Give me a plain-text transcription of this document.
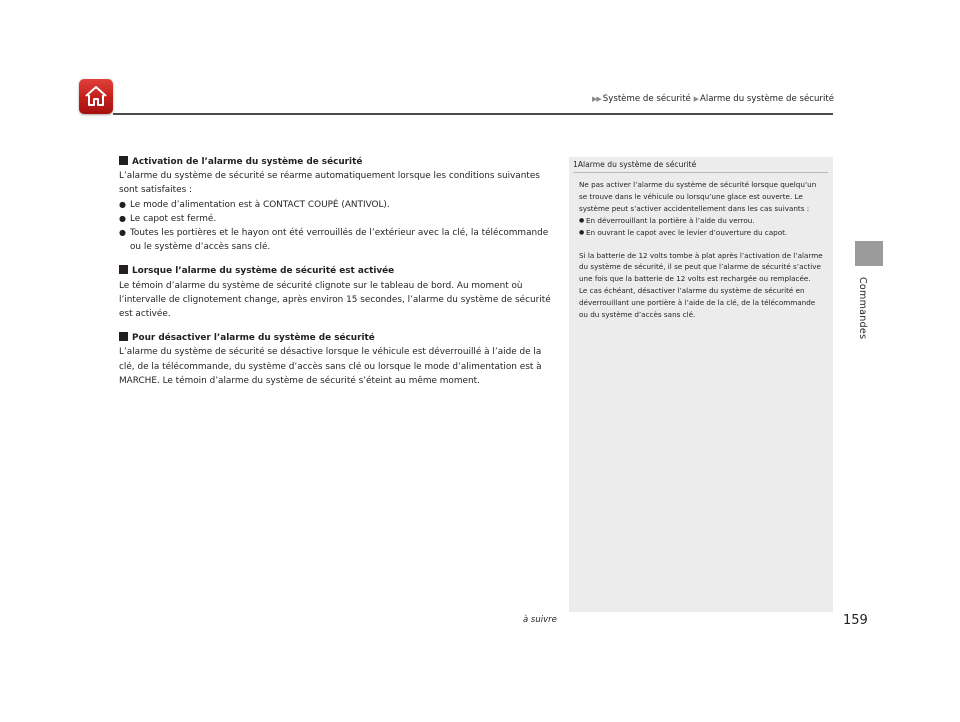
▶▶ Système de sécurité ▶ Alarme du système de sécurité
Commandes
Activation de l’alarme du système de sécurité

L’alarme du système de sécurité se réarme automatiquement lorsque les conditions suivantes sont satisfaites :

● Le mode d’alimentation est à CONTACT COUPÉ (ANTIVOL).
● Le capot est fermé.
● Toutes les portières et le hayon ont été verrouillés de l’extérieur avec la clé, la télécommande ou le système d’accès sans clé.
Lorsque l’alarme du système de sécurité est activée

Le témoin d’alarme du système de sécurité clignote sur le tableau de bord. Au moment où l’intervalle de clignotement change, après environ 15 secondes, l’alarme du système de sécurité est activée.

Pour désactiver l’alarme du système de sécurité

L’alarme du système de sécurité se désactive lorsque le véhicule est déverrouillé à l’aide de la clé, de la télécommande, du système d’accès sans clé ou lorsque le mode d’alimentation est à MARCHE. Le témoin d’alarme du système de sécurité s’éteint au même moment.

1Alarme du système de sécurité

Ne pas activer l’alarme du système de sécurité lorsque quelqu’un se trouve dans le véhicule ou lorsqu’une glace est ouverte. Le système peut s’activer accidentellement dans les cas suivants :

● En déverrouillant la portière à l’aide du verrou.
● En ouvrant le capot avec le levier d’ouverture du capot.

Si la batterie de 12 volts tombe à plat après l’activation de l’alarme du système de sécurité, il se peut que l’alarme de sécurité s’active une fois que la batterie de 12 volts est rechargée ou remplacée.

Le cas échéant, désactiver l’alarme du système de sécurité en déverrouillant une portière à l’aide de la clé, de la télécommande ou du système d’accès sans clé.

à suivre	159
